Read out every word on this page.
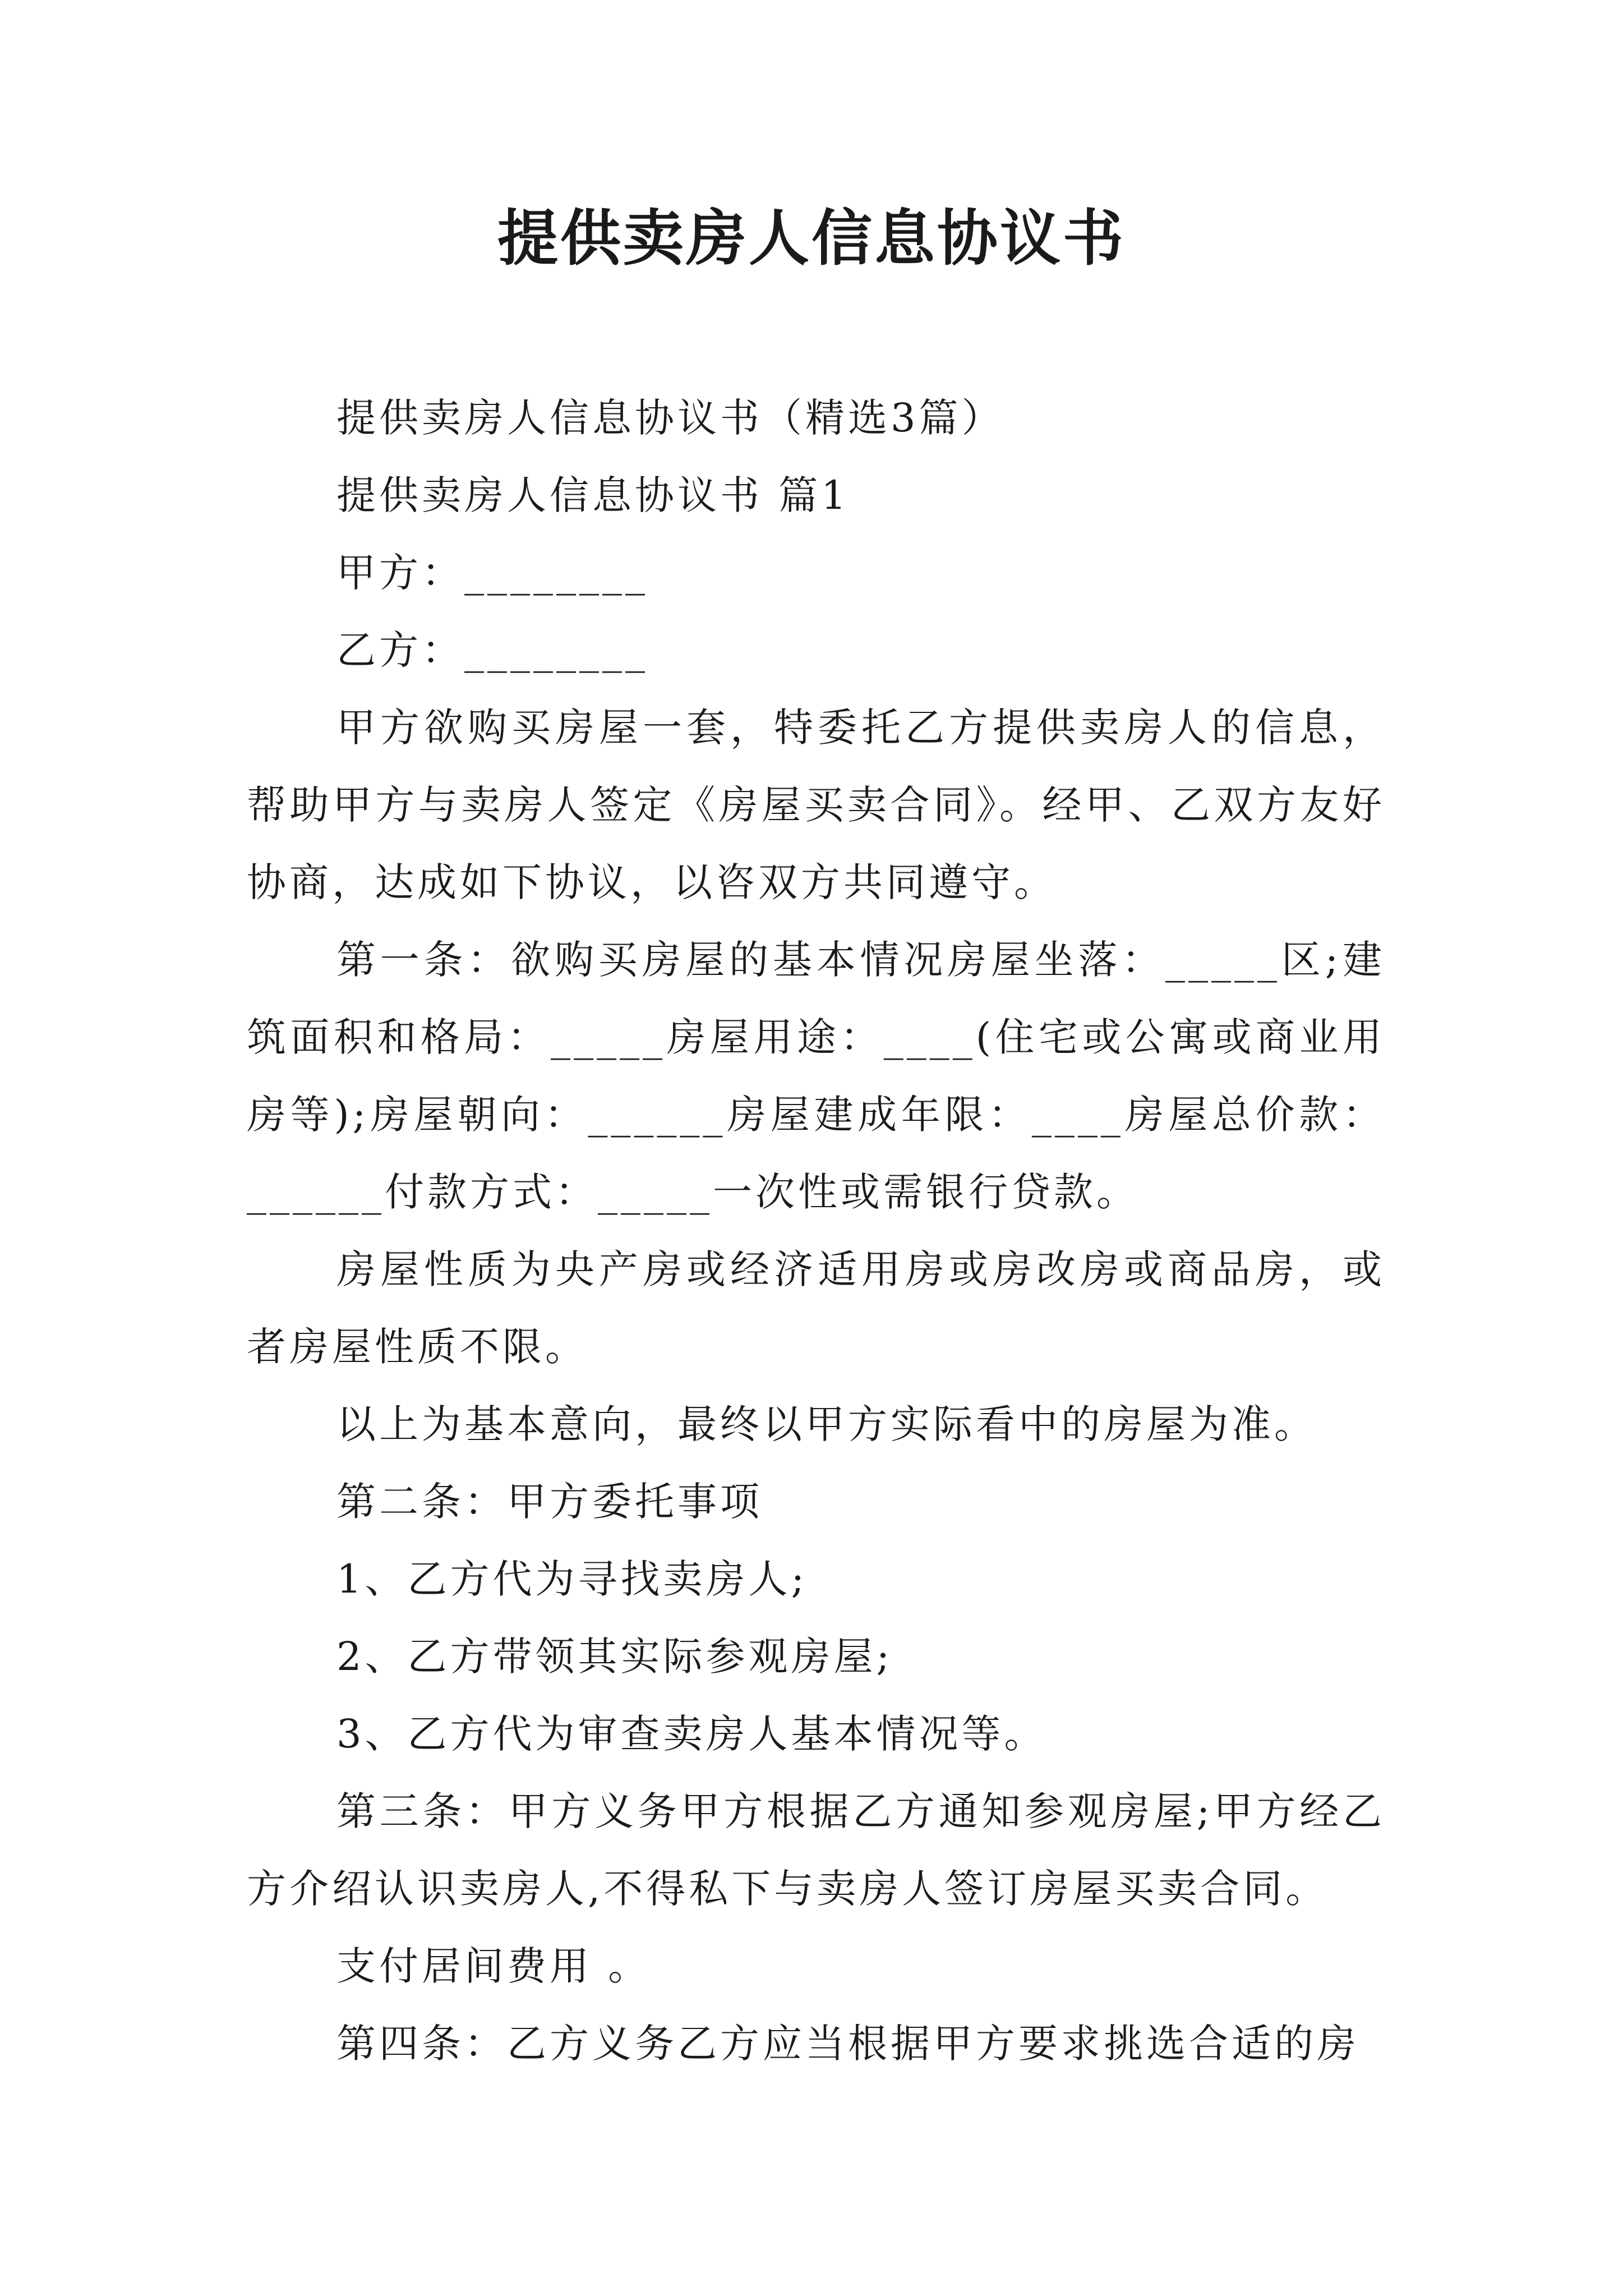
提供卖房人信息协议书

提供卖房人信息协议书（精选3篇）

提供卖房人信息协议书 篇1

甲方：________

乙方：________

甲方欲购买房屋一套，特委托乙方提供卖房人的信息，帮助甲方与卖房人签定《房屋买卖合同》。经甲、乙双方友好协商，达成如下协议，以咨双方共同遵守。

第一条：欲购买房屋的基本情况房屋坐落：_____区;建筑面积和格局：_____房屋用途：____(住宅或公寓或商业用房等);房屋朝向：______房屋建成年限：____房屋总价款：______付款方式：_____一次性或需银行贷款。

房屋性质为央产房或经济适用房或房改房或商品房，或者房屋性质不限。

以上为基本意向，最终以甲方实际看中的房屋为准。

第二条：甲方委托事项

1、乙方代为寻找卖房人;

2、乙方带领其实际参观房屋;

3、乙方代为审查卖房人基本情况等。

第三条：甲方义务甲方根据乙方通知参观房屋;甲方经乙方介绍认识卖房人,不得私下与卖房人签订房屋买卖合同。

支付居间费用 。

第四条：乙方义务乙方应当根据甲方要求挑选合适的房
